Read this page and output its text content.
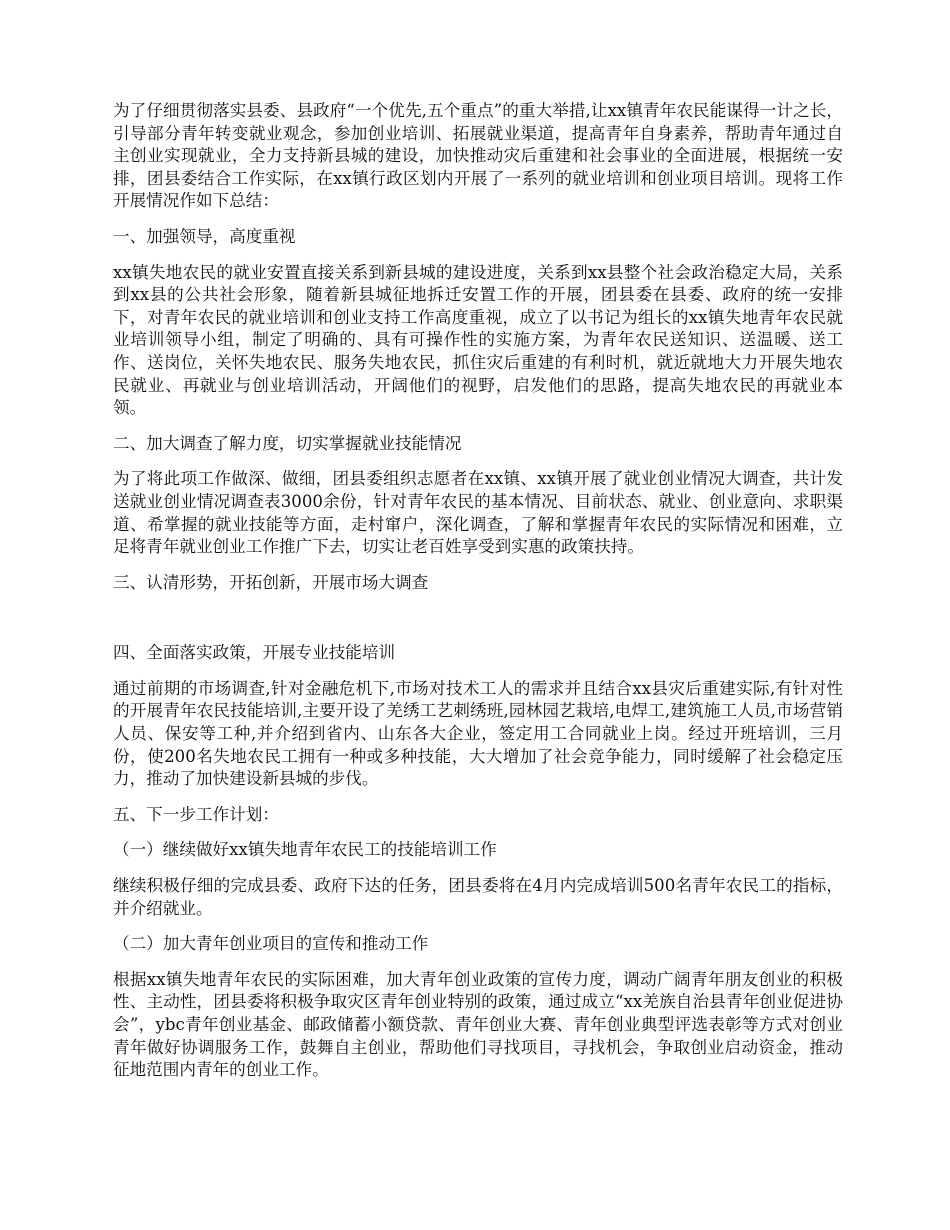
为了仔细贯彻落实县委、县政府“一个优先,五个重点”的重大举措,让xx镇青年农民能谋得一计之长，引导部分青年转变就业观念，参加创业培训、拓展就业渠道，提高青年自身素养，帮助青年通过自主创业实现就业，全力支持新县城的建设，加快推动灾后重建和社会事业的全面进展，根据统一安排，团县委结合工作实际，在xx镇行政区划内开展了一系列的就业培训和创业项目培训。现将工作开展情况作如下总结：

一、加强领导，高度重视

xx镇失地农民的就业安置直接关系到新县城的建设进度，关系到xx县整个社会政治稳定大局，关系到xx县的公共社会形象，随着新县城征地拆迁安置工作的开展，团县委在县委、政府的统一安排下，对青年农民的就业培训和创业支持工作高度重视，成立了以书记为组长的xx镇失地青年农民就业培训领导小组，制定了明确的、具有可操作性的实施方案，为青年农民送知识、送温暖、送工作、送岗位，关怀失地农民、服务失地农民，抓住灾后重建的有利时机，就近就地大力开展失地农民就业、再就业与创业培训活动，开阔他们的视野，启发他们的思路，提高失地农民的再就业本领。

二、加大调查了解力度，切实掌握就业技能情况

为了将此项工作做深、做细，团县委组织志愿者在xx镇、xx镇开展了就业创业情况大调查，共计发送就业创业情况调查表3000余份，针对青年农民的基本情况、目前状态、就业、创业意向、求职渠道、希掌握的就业技能等方面，走村窜户，深化调查，了解和掌握青年农民的实际情况和困难，立足将青年就业创业工作推广下去，切实让老百姓享受到实惠的政策扶持。

三、认清形势，开拓创新，开展市场大调查

四、全面落实政策，开展专业技能培训

通过前期的市场调查,针对金融危机下,市场对技术工人的需求并且结合xx县灾后重建实际,有针对性的开展青年农民技能培训,主要开设了羌绣工艺刺绣班,园林园艺栽培,电焊工,建筑施工人员,市场营销人员、保安等工种,并介绍到省内、山东各大企业，签定用工合同就业上岗。经过开班培训，三月份，使200名失地农民工拥有一种或多种技能，大大增加了社会竞争能力，同时缓解了社会稳定压力，推动了加快建设新县城的步伐。

五、下一步工作计划：

（一）继续做好xx镇失地青年农民工的技能培训工作

继续积极仔细的完成县委、政府下达的任务，团县委将在4月内完成培训500名青年农民工的指标，并介绍就业。

（二）加大青年创业项目的宣传和推动工作

根据xx镇失地青年农民的实际困难，加大青年创业政策的宣传力度，调动广阔青年朋友创业的积极性、主动性，团县委将积极争取灾区青年创业特别的政策，通过成立“xx羌族自治县青年创业促进协会”，ybc青年创业基金、邮政储蓄小额贷款、青年创业大赛、青年创业典型评选表彰等方式对创业青年做好协调服务工作，鼓舞自主创业，帮助他们寻找项目，寻找机会，争取创业启动资金，推动征地范围内青年的创业工作。
